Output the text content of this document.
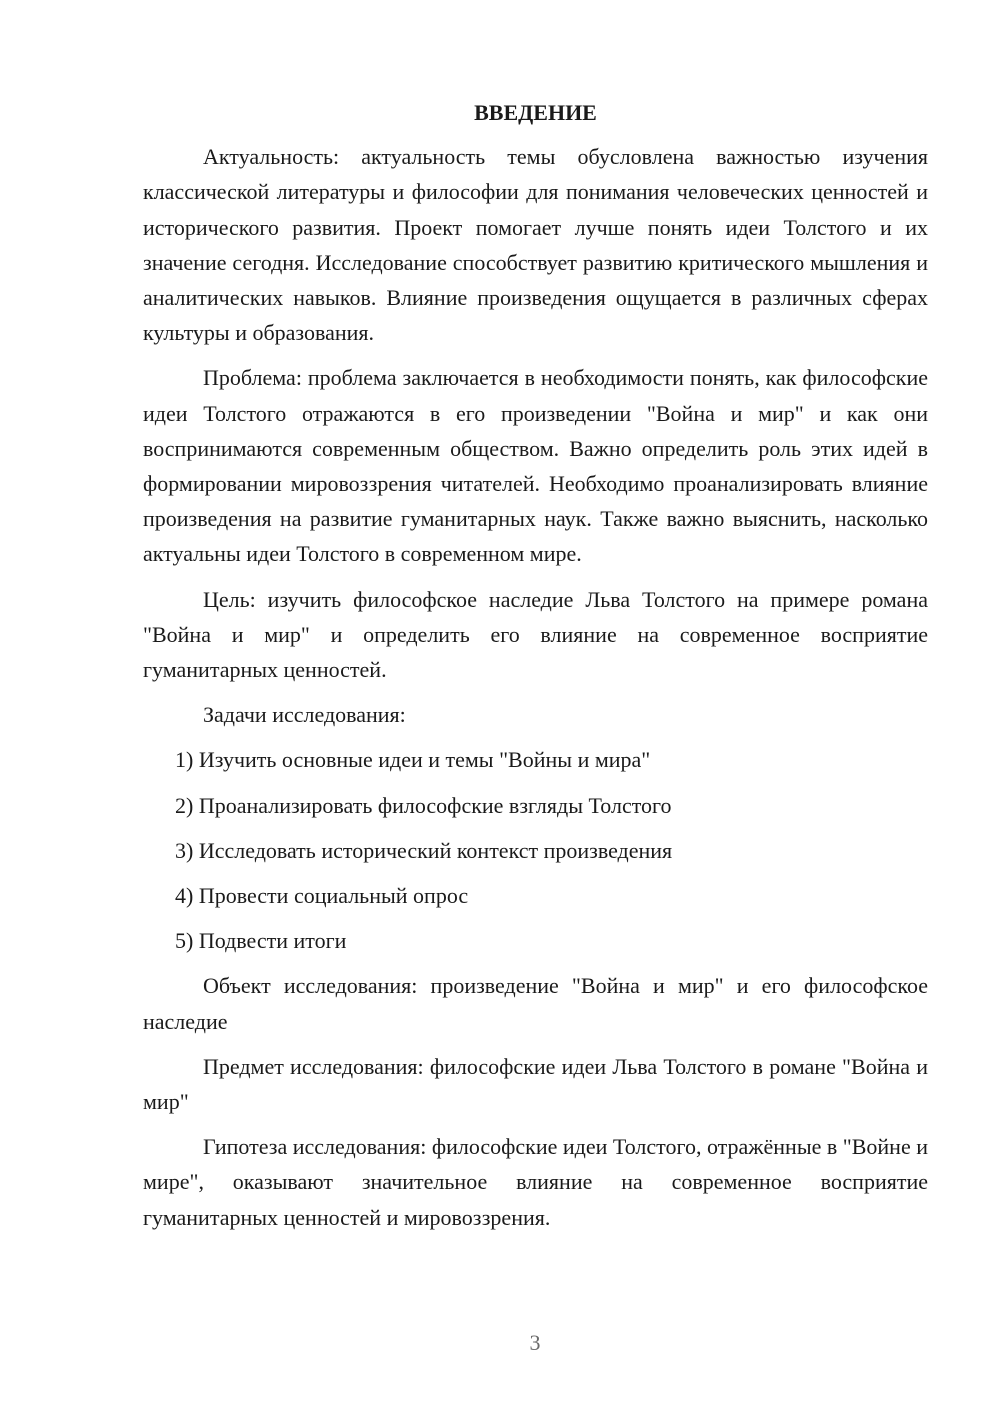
ВВЕДЕНИЕ

Актуальность: актуальность темы обусловлена важностью изучения классической литературы и философии для понимания человеческих ценностей и исторического развития. Проект помогает лучше понять идеи Толстого и их значение сегодня. Исследование способствует развитию критического мышления и аналитических навыков. Влияние произведения ощущается в различных сферах культуры и образования.

Проблема: проблема заключается в необходимости понять, как философские идеи Толстого отражаются в его произведении "Война и мир" и как они воспринимаются современным обществом. Важно определить роль этих идей в формировании мировоззрения читателей. Необходимо проанализировать влияние произведения на развитие гуманитарных наук. Также важно выяснить, насколько актуальны идеи Толстого в современном мире.

Цель: изучить философское наследие Льва Толстого на примере романа "Война и мир" и определить его влияние на современное восприятие гуманитарных ценностей.

Задачи исследования:

1) Изучить основные идеи и темы "Войны и мира"
2) Проанализировать философские взгляды Толстого
3) Исследовать исторический контекст произведения
4) Провести социальный опрос
5) Подвести итоги

Объект исследования: произведение "Война и мир" и его философское наследие

Предмет исследования: философские идеи Льва Толстого в романе "Война и мир"

Гипотеза исследования: философские идеи Толстого, отражённые в "Войне и мире", оказывают значительное влияние на современное восприятие гуманитарных ценностей и мировоззрения.

3
